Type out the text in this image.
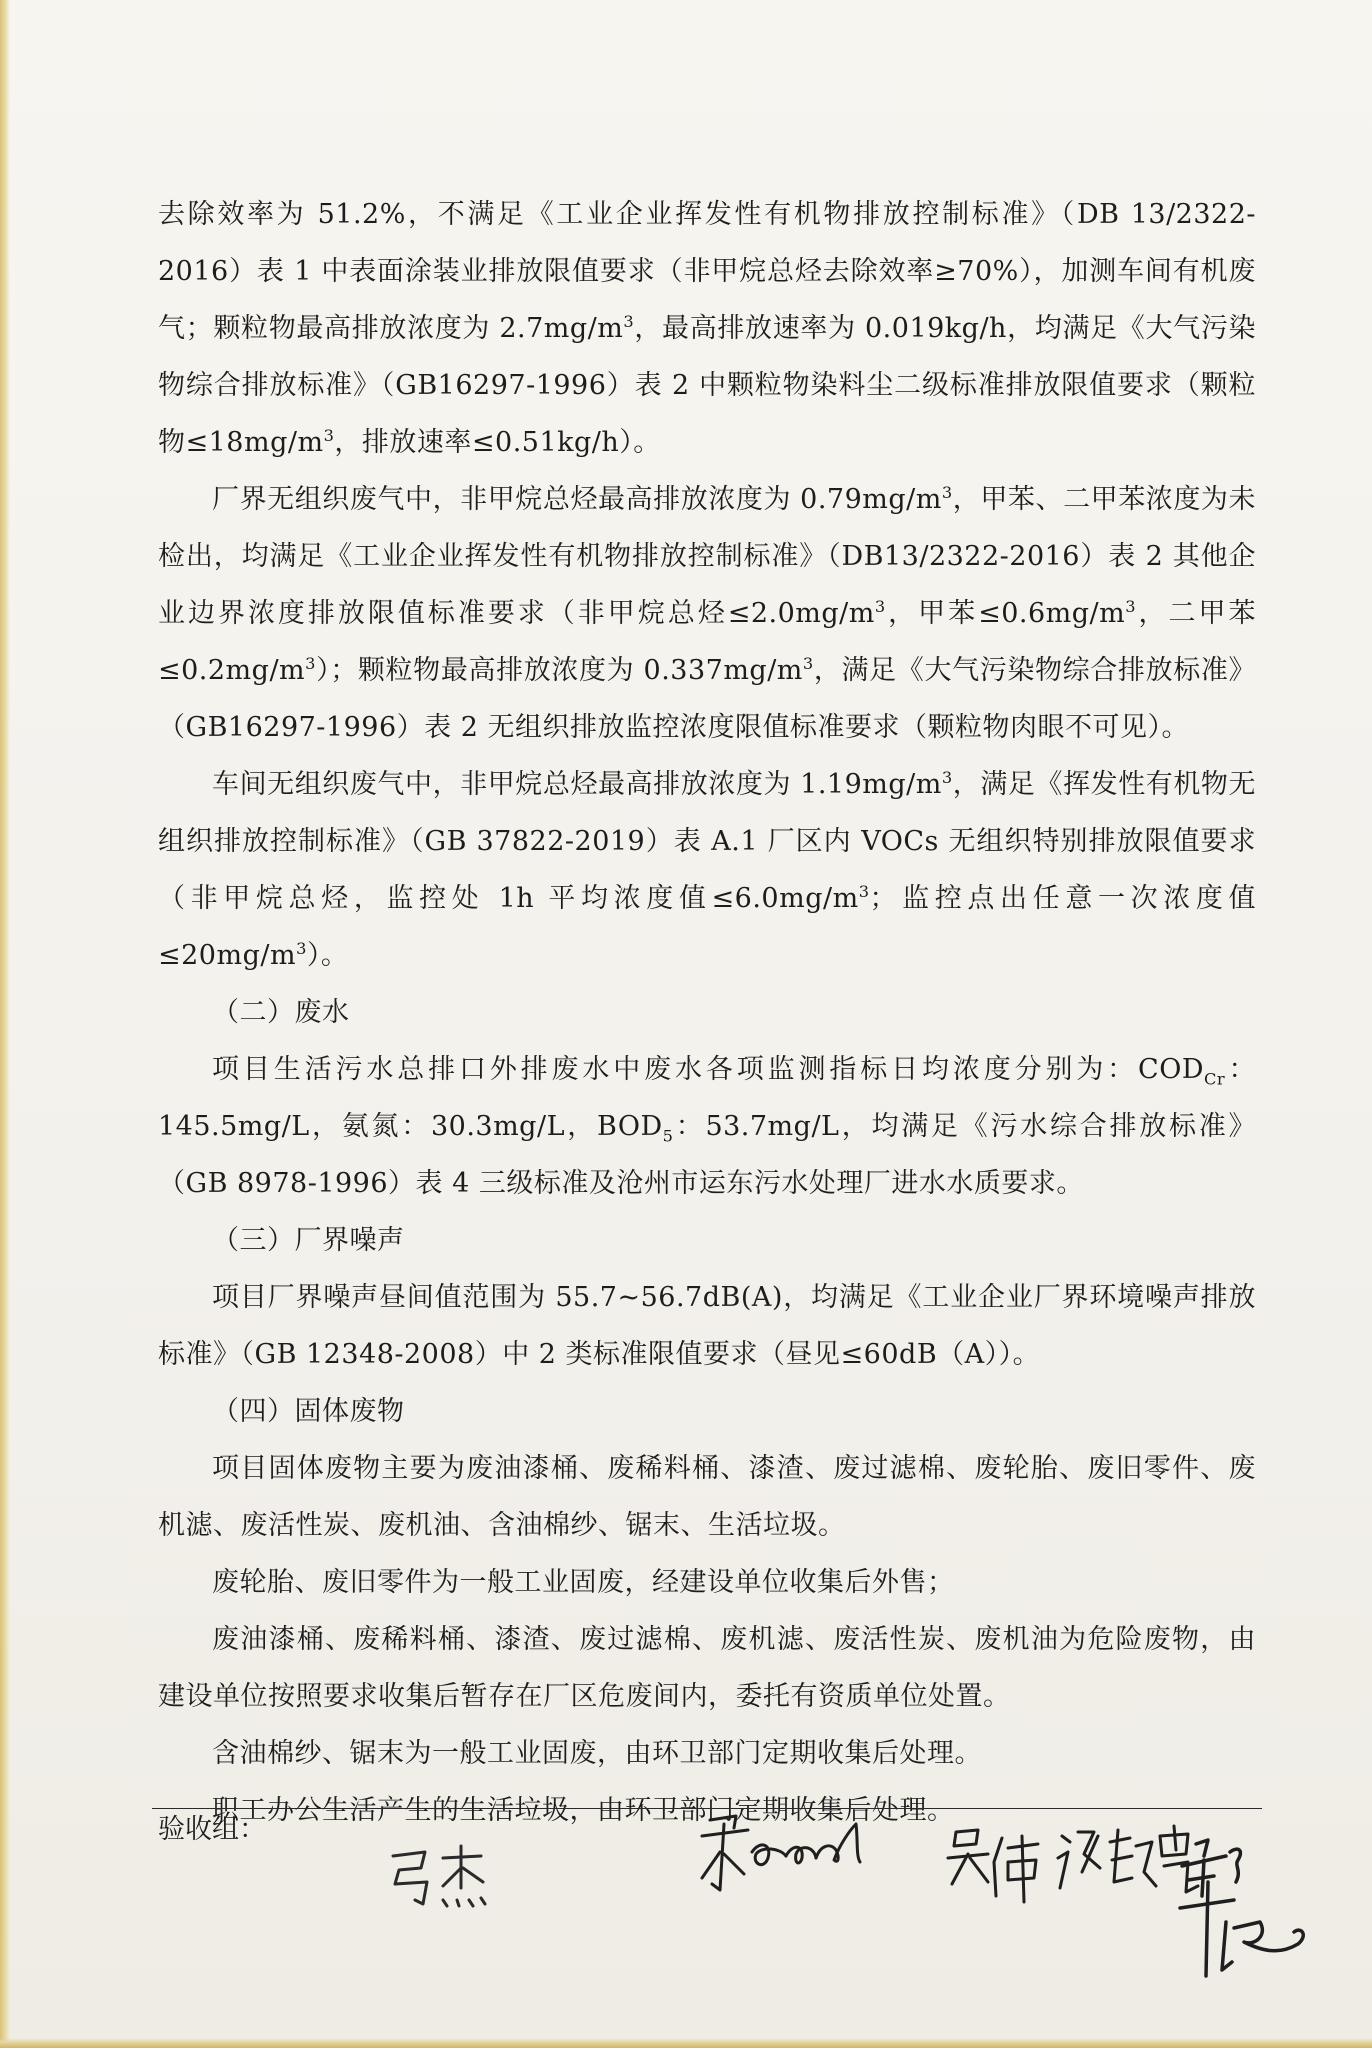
去除效率为 51.2%，不满足《工业企业挥发性有机物排放控制标准》（DB 13/2322-2016）表 1 中表面涂装业排放限值要求（非甲烷总烃去除效率≥70%），加测车间有机废气；颗粒物最高排放浓度为 $2.7mg/m^3$，最高排放速率为 0.019kg/h，均满足《大气污染物综合排放标准》（GB16297-1996）表 2 中颗粒物染料尘二级标准排放限值要求（颗粒物$\le 18mg/m^3$，排放速率≤0.51kg/h）。

厂界无组织废气中，非甲烷总烃最高排放浓度为 $0.79mg/m^3$，甲苯、二甲苯浓度为未检出，均满足《工业企业挥发性有机物排放控制标准》（DB13/2322-2016）表 2 其他企业边界浓度排放限值标准要求（非甲烷总烃$\le 2.0mg/m^3$，甲苯$\le 0.6mg/m^3$，二甲苯$\le 0.2mg/m^3$）；颗粒物最高排放浓度为 $0.337mg/m^3$，满足《大气污染物综合排放标准》（GB16297-1996）表 2 无组织排放监控浓度限值标准要求（颗粒物肉眼不可见）。

车间无组织废气中，非甲烷总烃最高排放浓度为 $1.19mg/m^3$，满足《挥发性有机物无组织排放控制标准》（GB 37822-2019）表 A.1 厂区内 VOCs 无组织特别排放限值要求（非甲烷总烃，监控处 1h 平均浓度值$\le 6.0mg/m^3$；监控点出任意一次浓度值$\le 20mg/m^3$）。

（二）废水

项目生活污水总排口外排废水中废水各项监测指标日均浓度分别为：$COD_{Cr}$：145.5mg/L，氨氮：30.3mg/L，$BOD_5$：53.7mg/L，均满足《污水综合排放标准》（GB 8978-1996）表 4 三级标准及沧州市运东污水处理厂进水水质要求。

（三）厂界噪声

项目厂界噪声昼间值范围为 55.7~56.7dB(A)，均满足《工业企业厂界环境噪声排放标准》（GB 12348-2008）中 2 类标准限值要求（昼见≤60dB（A））。

（四）固体废物

项目固体废物主要为废油漆桶、废稀料桶、漆渣、废过滤棉、废轮胎、废旧零件、废机滤、废活性炭、废机油、含油棉纱、锯末、生活垃圾。

废轮胎、废旧零件为一般工业固废，经建设单位收集后外售；

废油漆桶、废稀料桶、漆渣、废过滤棉、废机滤、废活性炭、废机油为危险废物，由建设单位按照要求收集后暂存在厂区危废间内，委托有资质单位处置。

含油棉纱、锯末为一般工业固废，由环卫部门定期收集后处理。

职工办公生活产生的生活垃圾，由环卫部门定期收集后处理。

验收组：
